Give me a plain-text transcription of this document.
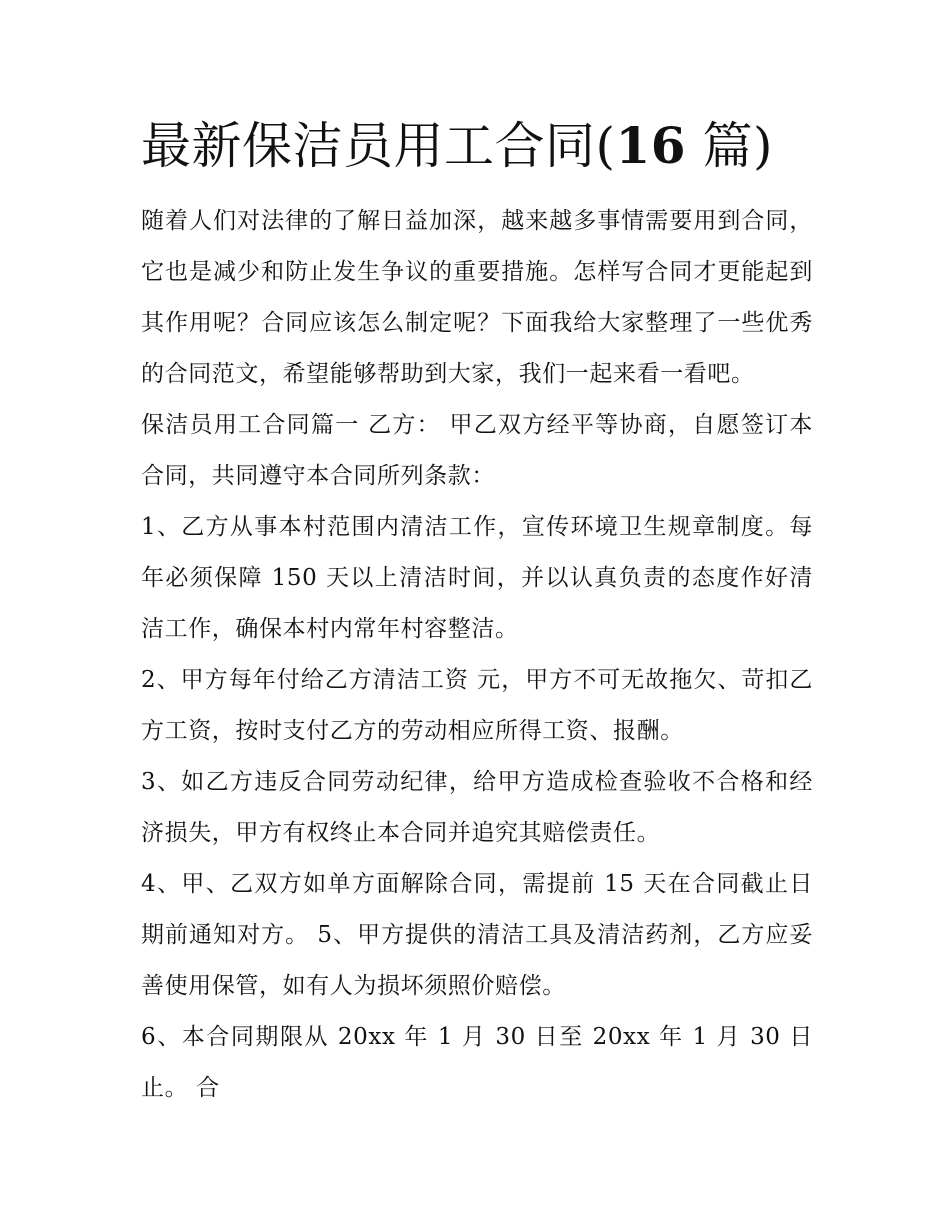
最新保洁员用工合同(16 篇)

随着人们对法律的了解日益加深，越来越多事情需要用到合同，它也是减少和防止发生争议的重要措施。怎样写合同才更能起到其作用呢？合同应该怎么制定呢？下面我给大家整理了一些优秀的合同范文，希望能够帮助到大家，我们一起来看一看吧。

保洁员用工合同篇一 乙方： 甲乙双方经平等协商，自愿签订本合同，共同遵守本合同所列条款：

1、乙方从事本村范围内清洁工作，宣传环境卫生规章制度。每年必须保障 150 天以上清洁时间，并以认真负责的态度作好清洁工作，确保本村内常年村容整洁。

2、甲方每年付给乙方清洁工资 元，甲方不可无故拖欠、苛扣乙方工资，按时支付乙方的劳动相应所得工资、报酬。

3、如乙方违反合同劳动纪律，给甲方造成检查验收不合格和经济损失，甲方有权终止本合同并追究其赔偿责任。

4、甲、乙双方如单方面解除合同，需提前 15 天在合同截止日期前通知对方。 5、甲方提供的清洁工具及清洁药剂，乙方应妥善使用保管，如有人为损坏须照价赔偿。

6、本合同期限从 20xx 年 1 月 30 日至 20xx 年 1 月 30 日止。 合
